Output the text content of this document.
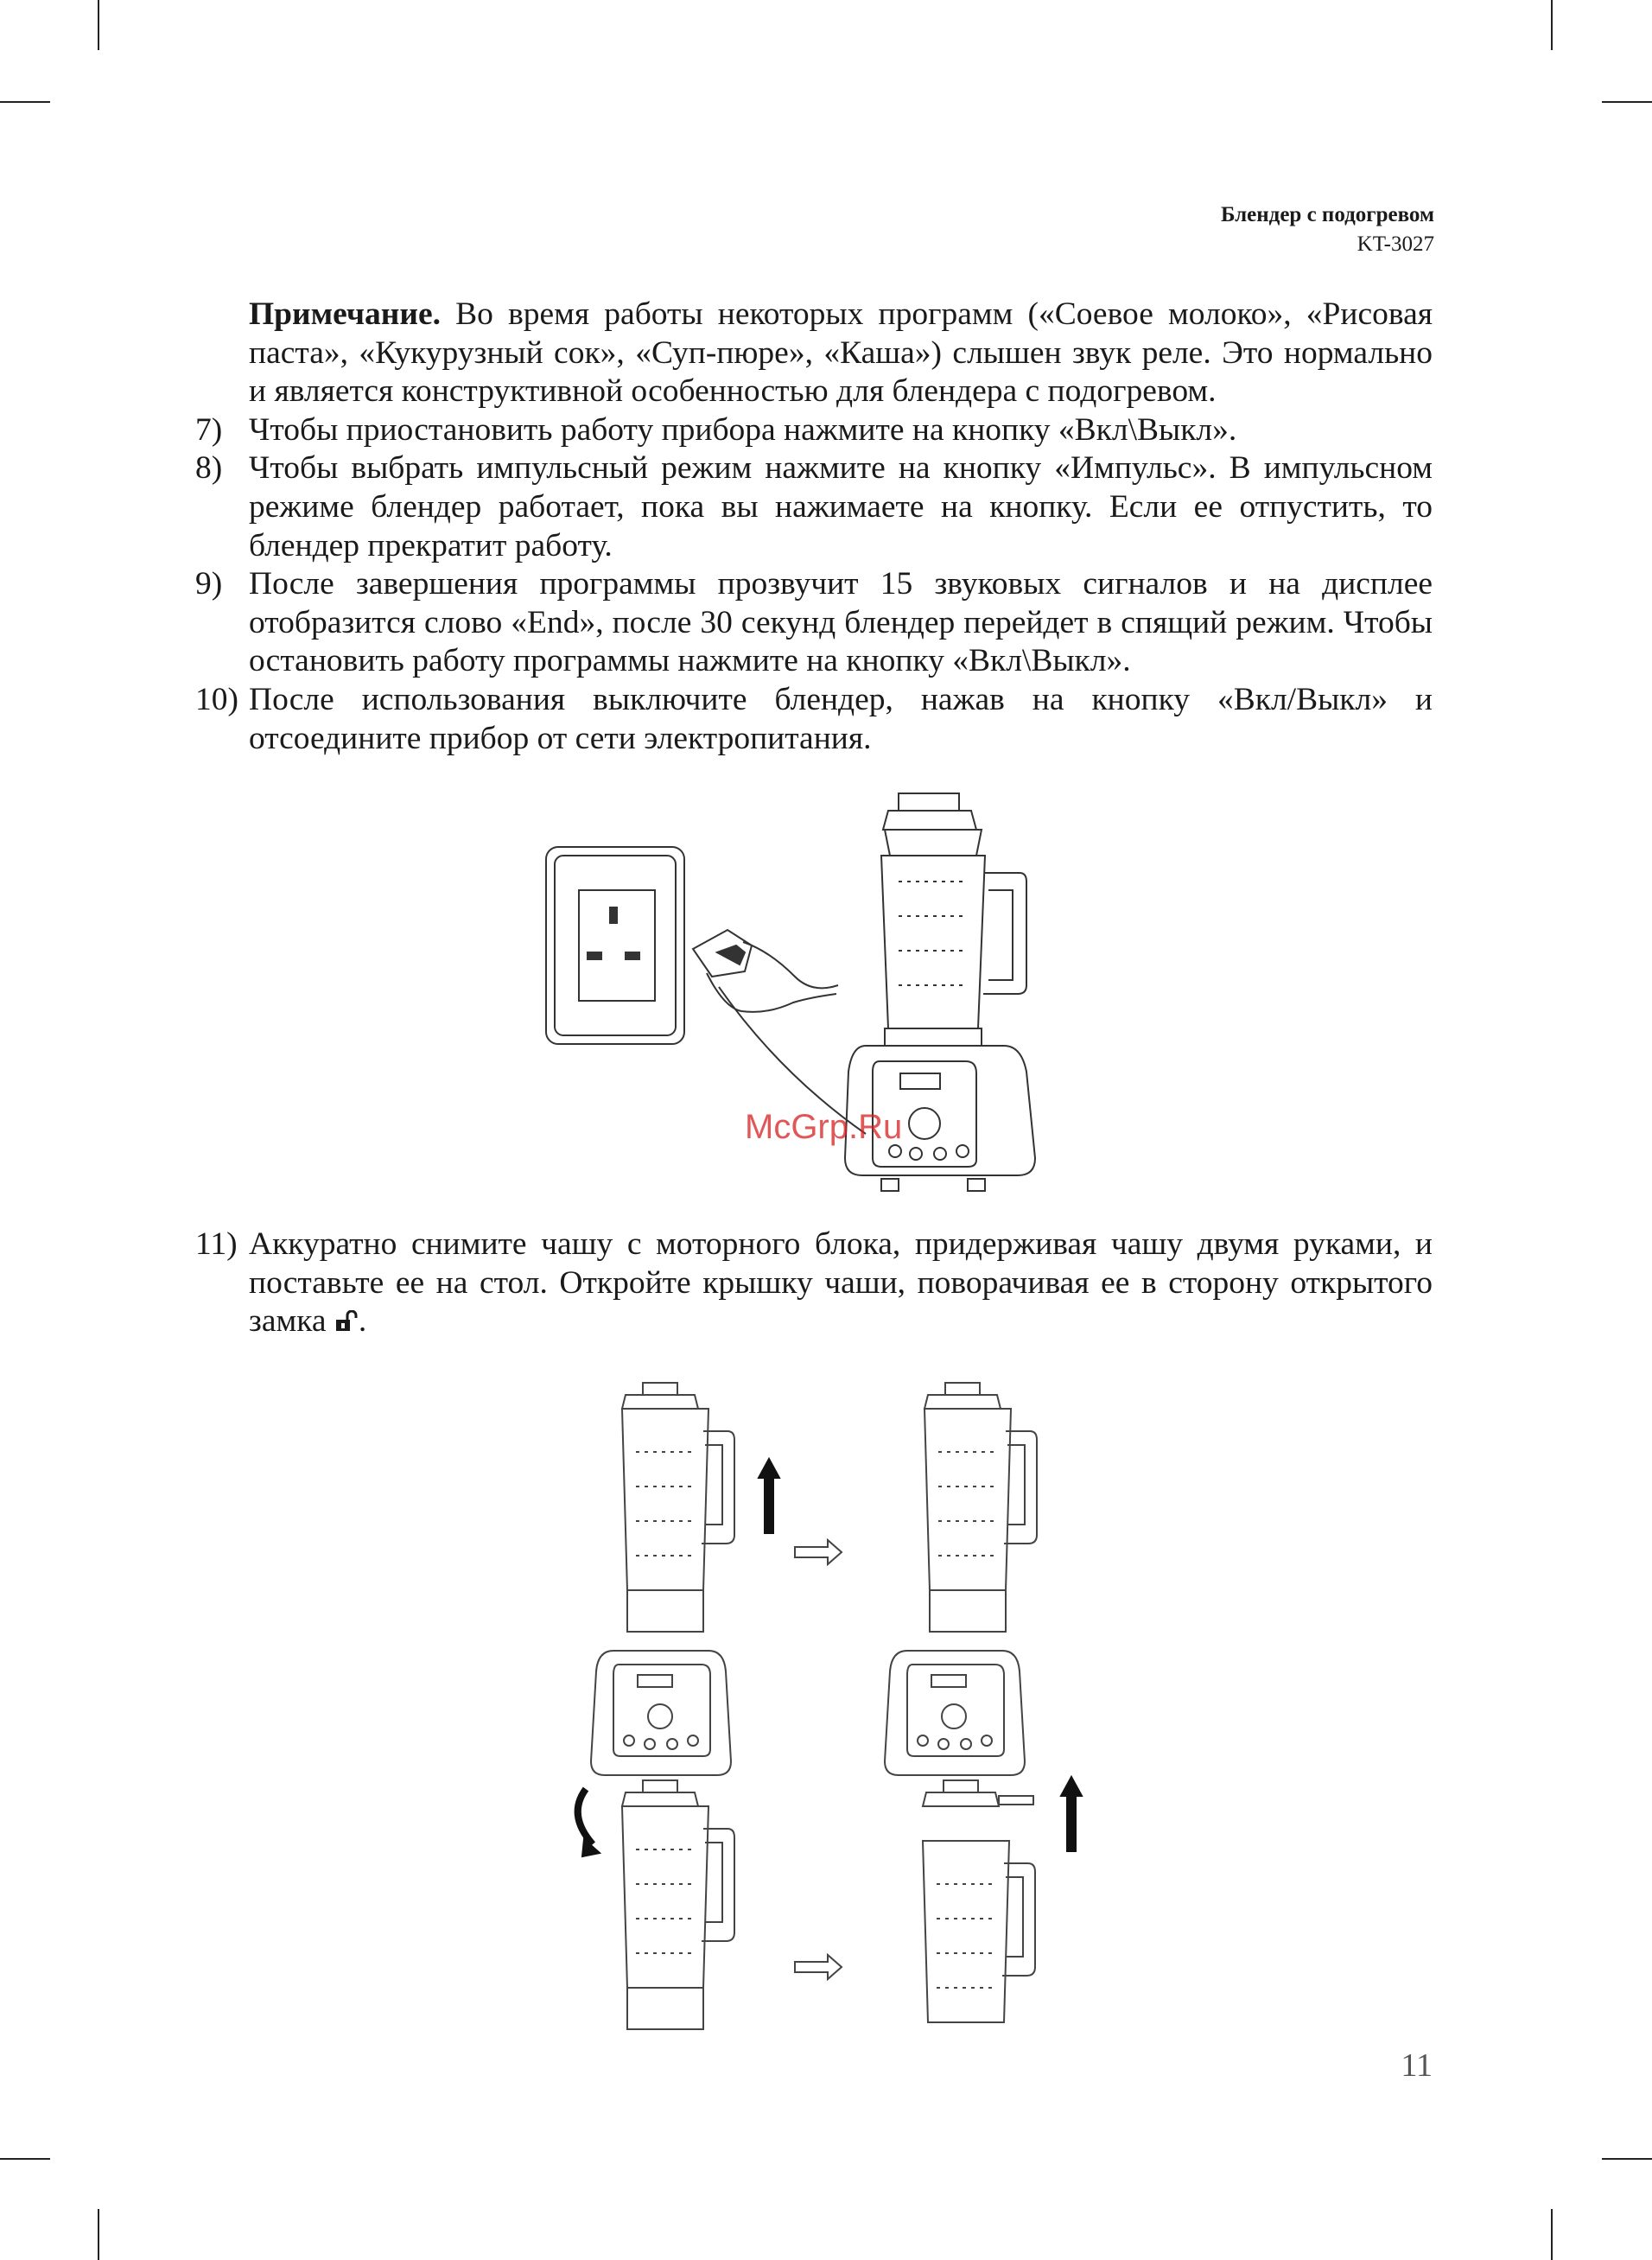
Блендер с подогревом
KT-3027
Примечание. Во время работы некоторых программ («Соевое молоко», «Рисовая паста», «Кукурузный сок», «Суп-пюре», «Каша») слышен звук реле. Это нормально и является конструктивной особенностью для блендера с подогревом.
7) Чтобы приостановить работу прибора нажмите на кнопку «Вкл\Выкл».
8) Чтобы выбрать импульсный режим нажмите на кнопку «Импульс». В импульсном режиме блендер работает, пока вы нажимаете на кнопку. Если ее отпустить, то блендер прекратит работу.
9) После завершения программы прозвучит 15 звуковых сигналов и на дисплее отобразится слово «End», после 30 секунд блендер перейдет в спящий режим. Чтобы остановить работу программы нажмите на кнопку «Вкл\Выкл».
10) После использования выключите блендер, нажав на кнопку «Вкл/Выкл» и отсоедините прибор от сети электропитания.
McGrp.Ru
11) Аккуратно снимите чашу с моторного блока, придерживая чашу двумя руками, и поставьте ее на стол. Откройте крышку чаши, поворачивая ее в сторону открытого замка .
11
